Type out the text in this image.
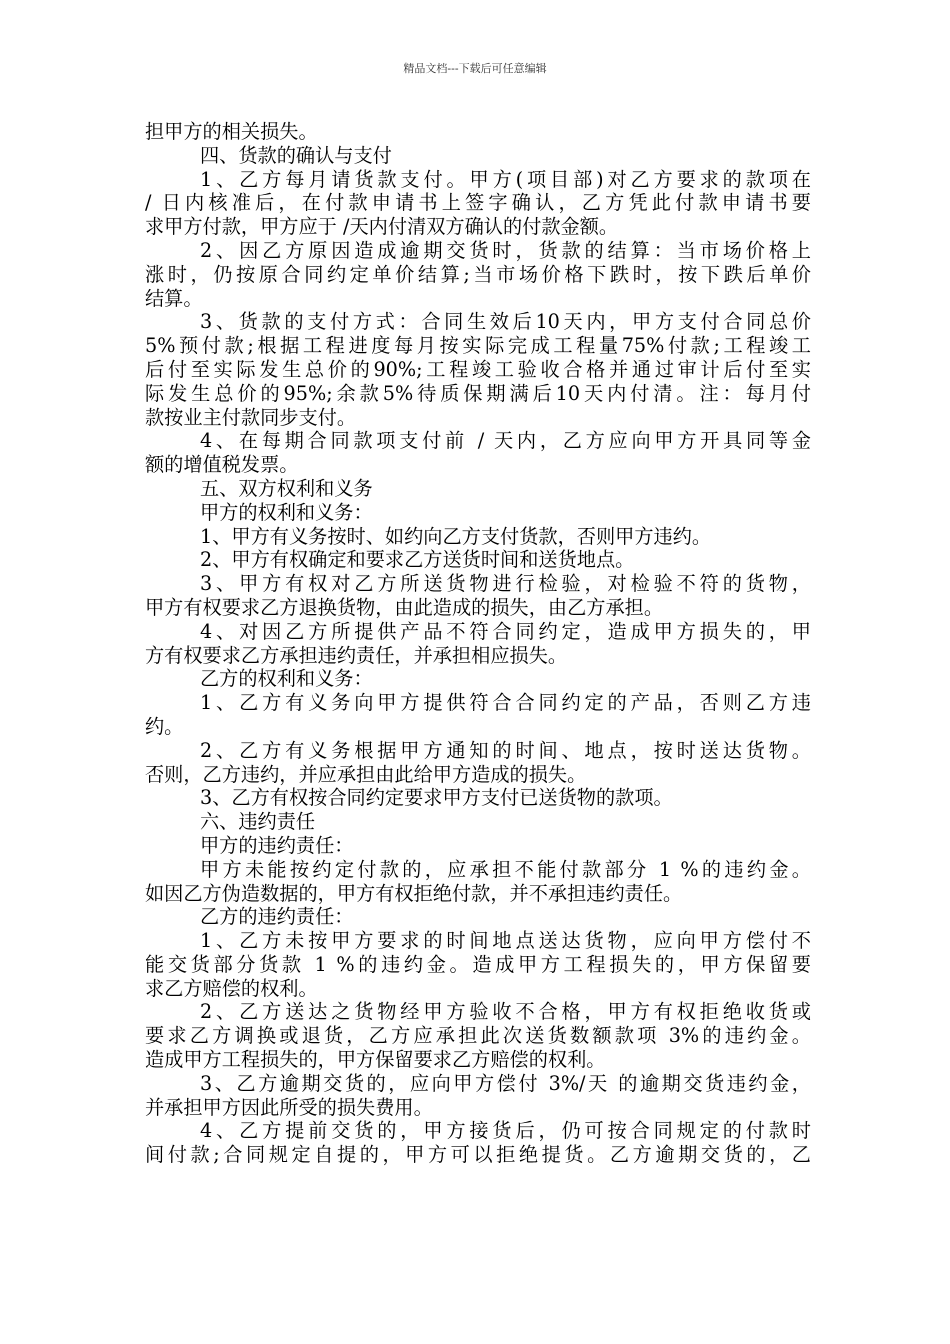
精品文档---下载后可任意编辑
担甲方的相关损失。
四、货款的确认与支付
1、乙方每月请货款支付。甲方(项目部)对乙方要求的款项在
/ 日内核准后，在付款申请书上签字确认，乙方凭此付款申请书要
求甲方付款，甲方应于 /天内付清双方确认的付款金额。
2、因乙方原因造成逾期交货时，货款的结算：当市场价格上
涨时，仍按原合同约定单价结算;当市场价格下跌时，按下跌后单价
结算。
3、货款的支付方式：合同生效后10天内，甲方支付合同总价
5%预付款;根据工程进度每月按实际完成工程量75%付款;工程竣工
后付至实际发生总价的90%;工程竣工验收合格并通过审计后付至实
际发生总价的95%;余款5%待质保期满后10天内付清。注：每月付
款按业主付款同步支付。
4、在每期合同款项支付前 / 天内，乙方应向甲方开具同等金
额的增值税发票。
五、双方权利和义务
甲方的权利和义务：
1、甲方有义务按时、如约向乙方支付货款，否则甲方违约。
2、甲方有权确定和要求乙方送货时间和送货地点。
3、甲方有权对乙方所送货物进行检验，对检验不符的货物，
甲方有权要求乙方退换货物，由此造成的损失，由乙方承担。
4、对因乙方所提供产品不符合同约定，造成甲方损失的，甲
方有权要求乙方承担违约责任，并承担相应损失。
乙方的权利和义务：
1、乙方有义务向甲方提供符合合同约定的产品，否则乙方违
约。
2、乙方有义务根据甲方通知的时间、地点，按时送达货物。
否则，乙方违约，并应承担由此给甲方造成的损失。
3、乙方有权按合同约定要求甲方支付已送货物的款项。
六、违约责任
甲方的违约责任：
甲方未能按约定付款的，应承担不能付款部分 1 %的违约金。
如因乙方伪造数据的，甲方有权拒绝付款，并不承担违约责任。
乙方的违约责任：
1、乙方未按甲方要求的时间地点送达货物，应向甲方偿付不
能交货部分货款 1 %的违约金。造成甲方工程损失的，甲方保留要
求乙方赔偿的权利。
2、乙方送达之货物经甲方验收不合格，甲方有权拒绝收货或
要求乙方调换或退货，乙方应承担此次送货数额款项 3%的违约金。
造成甲方工程损失的，甲方保留要求乙方赔偿的权利。
3、乙方逾期交货的，应向甲方偿付 3%/天 的逾期交货违约金，
并承担甲方因此所受的损失费用。
4、乙方提前交货的，甲方接货后，仍可按合同规定的付款时
间付款;合同规定自提的，甲方可以拒绝提货。乙方逾期交货的，乙
